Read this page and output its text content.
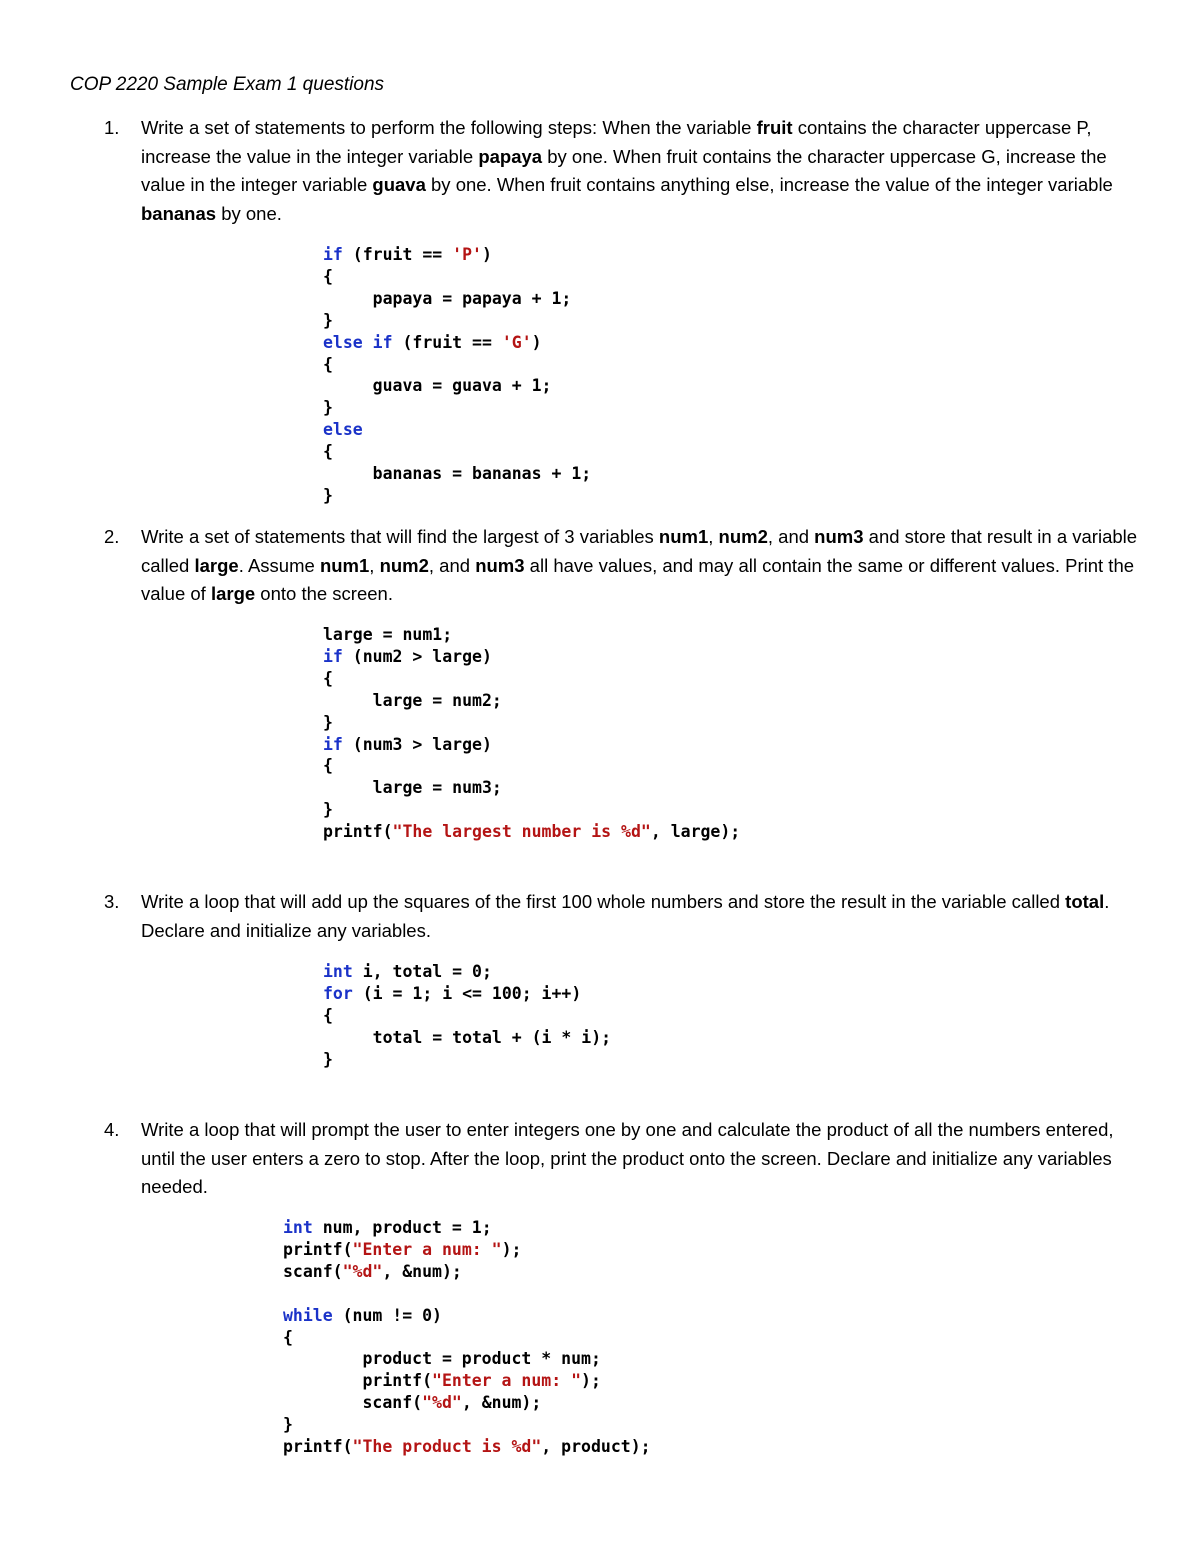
COP 2220 Sample Exam 1 questions
1. Write a set of statements to perform the following steps: When the variable fruit contains the character uppercase P, increase the value in the integer variable papaya by one. When fruit contains the character uppercase G, increase the value in the integer variable guava by one. When fruit contains anything else, increase the value of the integer variable bananas by one.
if (fruit == 'P')
{
papaya = papaya + 1;
}
else if (fruit == 'G')
{
guava = guava + 1;
}
else
{
bananas = bananas + 1;
}
2. Write a set of statements that will find the largest of 3 variables num1, num2, and num3 and store that result in a variable called large. Assume num1, num2, and num3 all have values, and may all contain the same or different values. Print the value of large onto the screen.
large = num1;
if (num2 > large)
{
large = num2;
}
if (num3 > large)
{
large = num3;
}
printf("The largest number is %d", large);
3. Write a loop that will add up the squares of the first 100 whole numbers and store the result in the variable called total. Declare and initialize any variables.
int i, total = 0;
for (i = 1; i <= 100; i++)
{
total = total + (i * i);
}
4. Write a loop that will prompt the user to enter integers one by one and calculate the product of all the numbers entered, until the user enters a zero to stop. After the loop, print the product onto the screen. Declare and initialize any variables needed.
int num, product = 1;
printf("Enter a num: ");
scanf("%d", &num);
while (num != 0)
{
product = product * num;
printf("Enter a num: ");
scanf("%d", &num);
}
printf("The product is %d", product);
